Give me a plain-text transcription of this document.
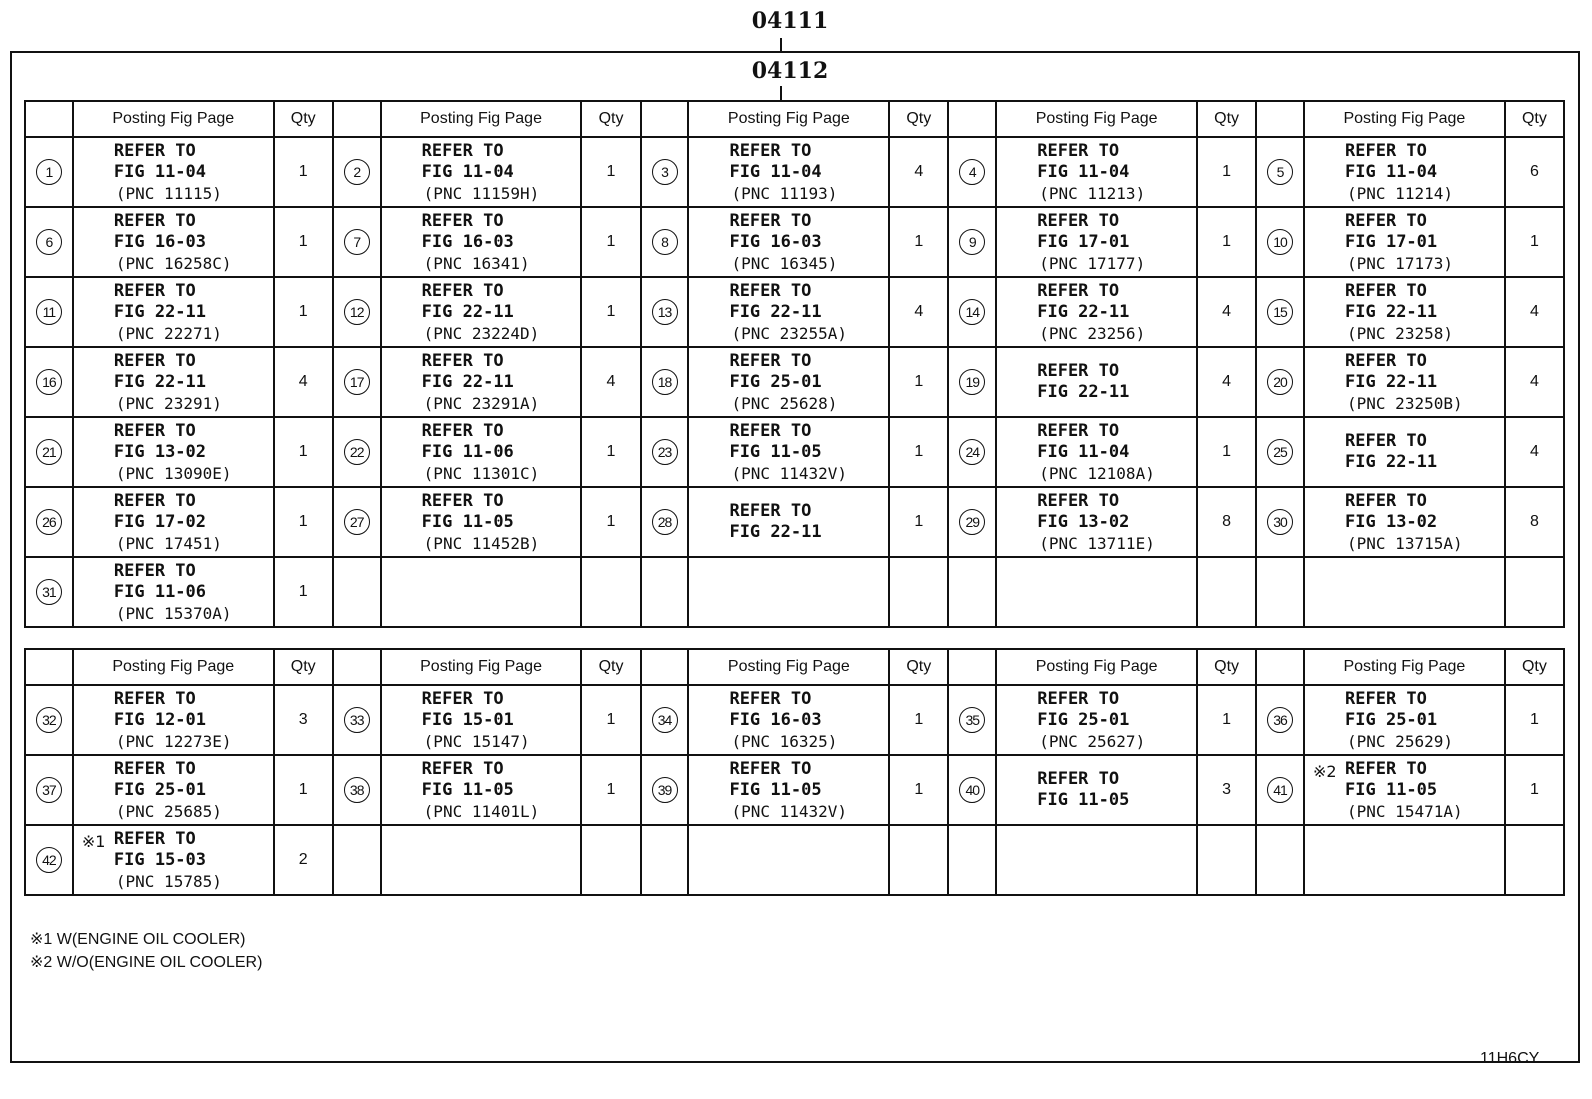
04111
04112
	Posting Fig Page	Qty		Posting Fig Page	Qty		Posting Fig Page	Qty		Posting Fig Page	Qty		Posting Fig Page	Qty
1	REFER TO
FIG 11-04
(PNC 11115)	1	2	REFER TO
FIG 11-04
(PNC 11159H)	1	3	REFER TO
FIG 11-04
(PNC 11193)	4	4	REFER TO
FIG 11-04
(PNC 11213)	1	5	REFER TO
FIG 11-04
(PNC 11214)	6
6	REFER TO
FIG 16-03
(PNC 16258C)	1	7	REFER TO
FIG 16-03
(PNC 16341)	1	8	REFER TO
FIG 16-03
(PNC 16345)	1	9	REFER TO
FIG 17-01
(PNC 17177)	1	10	REFER TO
FIG 17-01
(PNC 17173)	1
11	REFER TO
FIG 22-11
(PNC 22271)	1	12	REFER TO
FIG 22-11
(PNC 23224D)	1	13	REFER TO
FIG 22-11
(PNC 23255A)	4	14	REFER TO
FIG 22-11
(PNC 23256)	4	15	REFER TO
FIG 22-11
(PNC 23258)	4
16	REFER TO
FIG 22-11
(PNC 23291)	4	17	REFER TO
FIG 22-11
(PNC 23291A)	4	18	REFER TO
FIG 25-01
(PNC 25628)	1	19	REFER TO
FIG 22-11	4	20	REFER TO
FIG 22-11
(PNC 23250B)	4
21	REFER TO
FIG 13-02
(PNC 13090E)	1	22	REFER TO
FIG 11-06
(PNC 11301C)	1	23	REFER TO
FIG 11-05
(PNC 11432V)	1	24	REFER TO
FIG 11-04
(PNC 12108A)	1	25	REFER TO
FIG 22-11	4
26	REFER TO
FIG 17-02
(PNC 17451)	1	27	REFER TO
FIG 11-05
(PNC 11452B)	1	28	REFER TO
FIG 22-11	1	29	REFER TO
FIG 13-02
(PNC 13711E)	8	30	REFER TO
FIG 13-02
(PNC 13715A)	8
31	REFER TO
FIG 11-06
(PNC 15370A)	1												
	Posting Fig Page	Qty		Posting Fig Page	Qty		Posting Fig Page	Qty		Posting Fig Page	Qty		Posting Fig Page	Qty
32	REFER TO
FIG 12-01
(PNC 12273E)	3	33	REFER TO
FIG 15-01
(PNC 15147)	1	34	REFER TO
FIG 16-03
(PNC 16325)	1	35	REFER TO
FIG 25-01
(PNC 25627)	1	36	REFER TO
FIG 25-01
(PNC 25629)	1
37	REFER TO
FIG 25-01
(PNC 25685)	1	38	REFER TO
FIG 11-05
(PNC 11401L)	1	39	REFER TO
FIG 11-05
(PNC 11432V)	1	40	REFER TO
FIG 11-05	3	41	※2 REFER TO
FIG 11-05
(PNC 15471A)	1
42	※1 REFER TO
FIG 15-03
(PNC 15785)	2												
※1 W(ENGINE OIL COOLER)
※2 W/O(ENGINE OIL COOLER)
11H6CY
